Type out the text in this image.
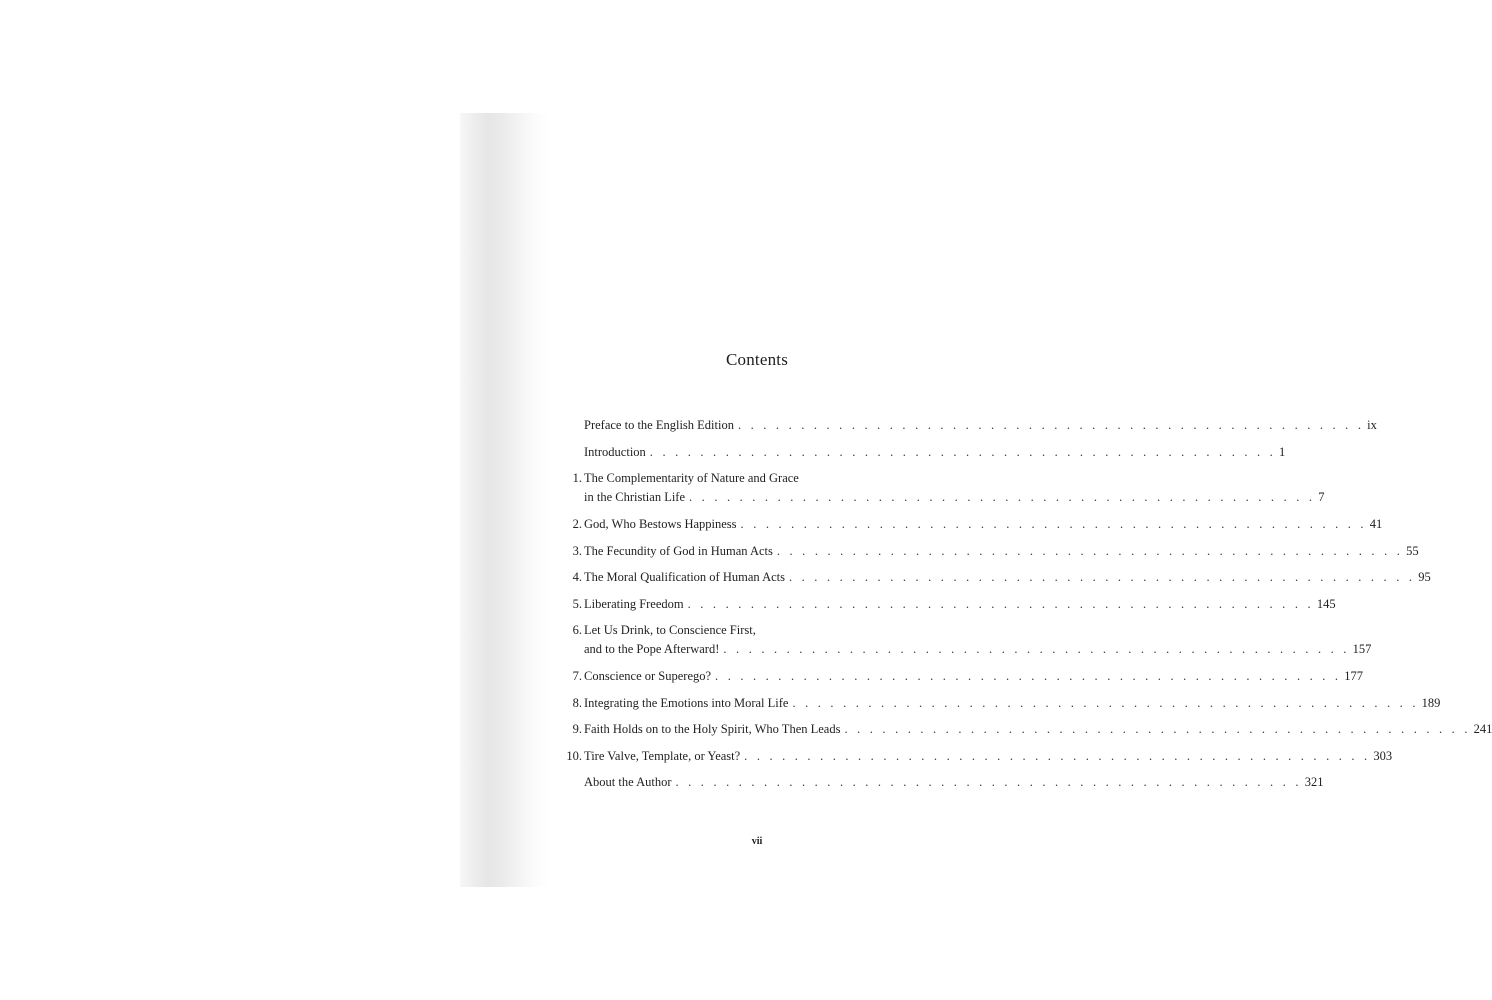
Contents
Preface to the English Edition . . . . . . . . . . . . . . . . . . . . . . . . . . . . . . . . . . . . . . . . . . . . . . . . . . ix
Introduction . . . . . . . . . . . . . . . . . . . . . . . . . . . . . . . . . . . . . . . . . . . . . . . . . . 1
1. The Complementarity of Nature and Grace
in the Christian Life . . . . . . . . . . . . . . . . . . . . . . . . . . . . . . . . . . . . . . . . . . . . . . . . . . 7
2. God, Who Bestows Happiness . . . . . . . . . . . . . . . . . . . . . . . . . . . . . . . . . . . . . . . . . . . . . . . . . . 41
3. The Fecundity of God in Human Acts . . . . . . . . . . . . . . . . . . . . . . . . . . . . . . . . . . . . . . . . . . . . . . . . . . 55
4. The Moral Qualification of Human Acts . . . . . . . . . . . . . . . . . . . . . . . . . . . . . . . . . . . . . . . . . . . . . . . . . . 95
5. Liberating Freedom . . . . . . . . . . . . . . . . . . . . . . . . . . . . . . . . . . . . . . . . . . . . . . . . . . 145
6. Let Us Drink, to Conscience First,
and to the Pope Afterward! . . . . . . . . . . . . . . . . . . . . . . . . . . . . . . . . . . . . . . . . . . . . . . . . . . 157
7. Conscience or Superego? . . . . . . . . . . . . . . . . . . . . . . . . . . . . . . . . . . . . . . . . . . . . . . . . . . 177
8. Integrating the Emotions into Moral Life . . . . . . . . . . . . . . . . . . . . . . . . . . . . . . . . . . . . . . . . . . . . . . . . . . 189
9. Faith Holds on to the Holy Spirit, Who Then Leads . . . . . . . . . . . . . . . . . . . . . . . . . . . . . . . . . . . . . . . . . . . . . . . . . . 241
10. Tire Valve, Template, or Yeast? . . . . . . . . . . . . . . . . . . . . . . . . . . . . . . . . . . . . . . . . . . . . . . . . . . 303
About the Author . . . . . . . . . . . . . . . . . . . . . . . . . . . . . . . . . . . . . . . . . . . . . . . . . . 321
vii
